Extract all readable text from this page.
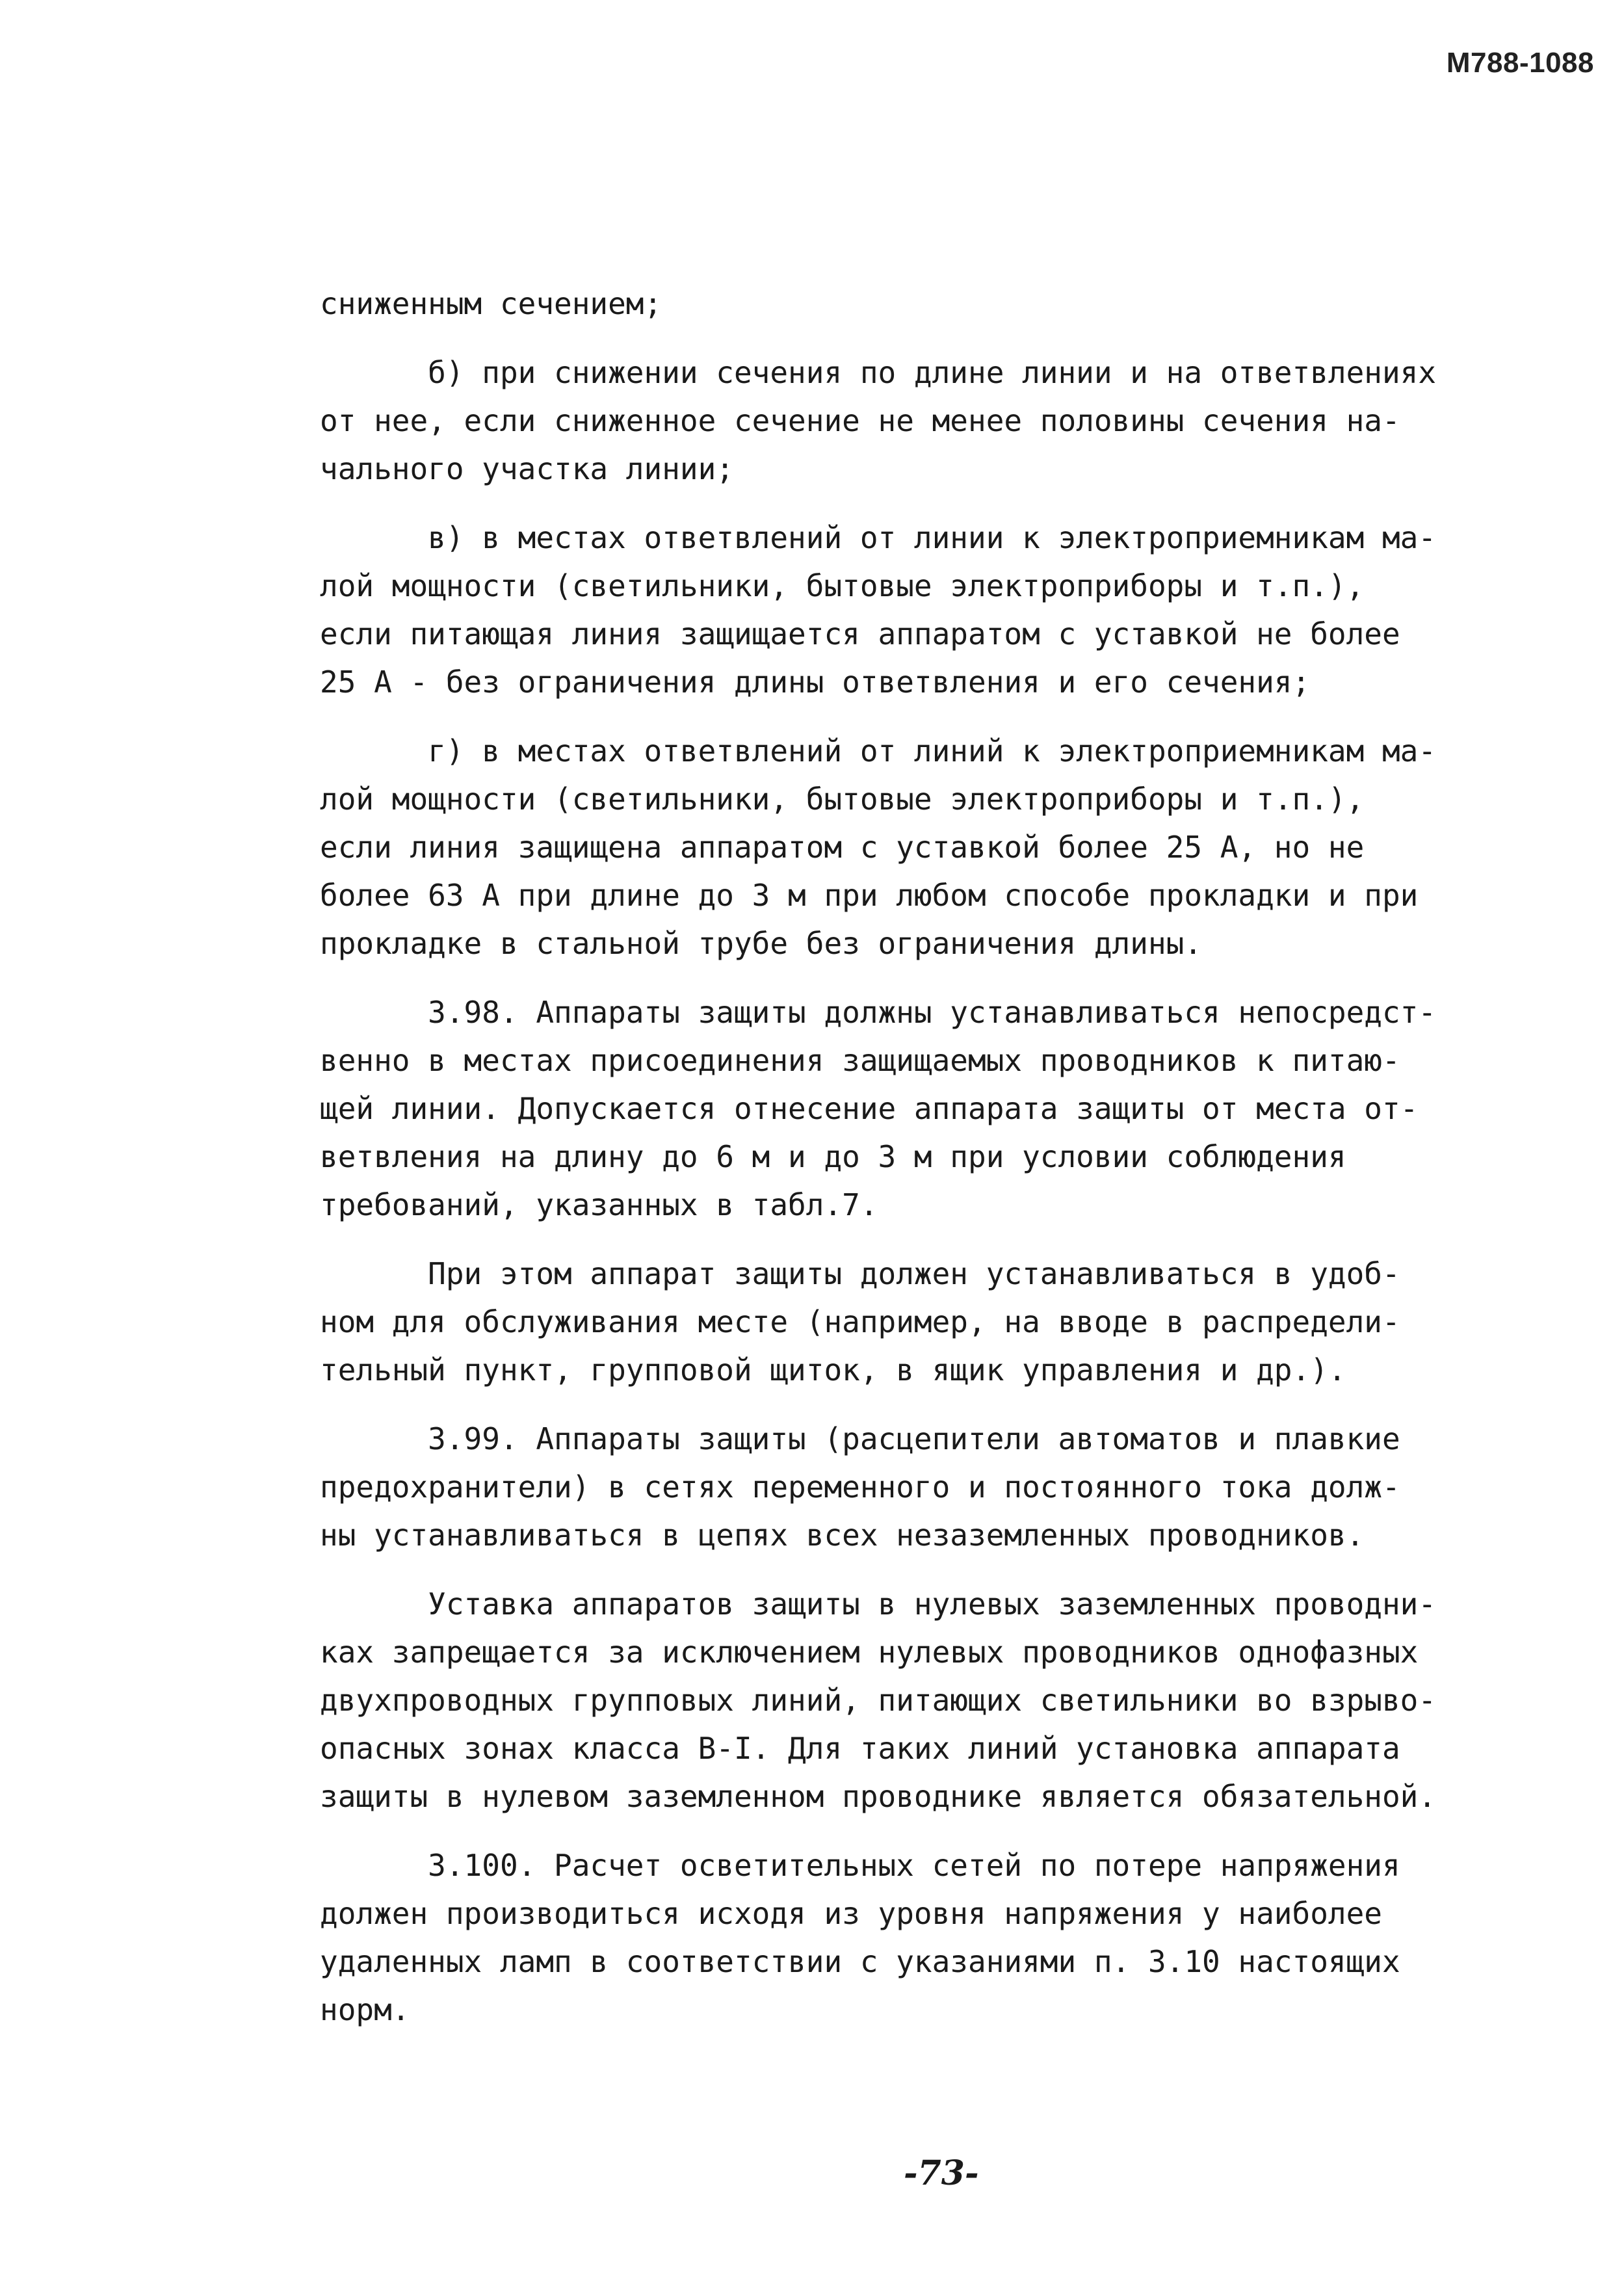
М788-1088
сниженным сечением;
б) при снижении сечения по длине линии и на ответвлениях
от нее, если сниженное сечение не менее половины сечения на-
чального участка линии;
в) в местах ответвлений от линии к электроприемникам ма-
лой мощности (светильники, бытовые электроприборы и т.п.),
если питающая линия защищается аппаратом с уставкой не более
25 А - без ограничения длины ответвления и его сечения;
г) в местах ответвлений от линий к электроприемникам ма-
лой мощности (светильники, бытовые электроприборы и т.п.),
если линия защищена аппаратом с уставкой более 25 А, но не
более 63 А при длине до 3 м при любом способе прокладки и при
прокладке в стальной трубе без ограничения длины.
3.98. Аппараты защиты должны устанавливаться непосредст-
венно в местах присоединения защищаемых проводников к питаю-
щей линии. Допускается отнесение аппарата защиты от места от-
ветвления на длину до 6 м и до 3 м при условии соблюдения
требований, указанных в табл.7.
При этом аппарат защиты должен устанавливаться в удоб-
ном для обслуживания месте (например, на вводе в распредели-
тельный пункт, групповой щиток, в ящик управления и др.).
3.99. Аппараты защиты (расцепители автоматов и плавкие
предохранители) в сетях переменного и постоянного тока долж-
ны устанавливаться в цепях всех незаземленных проводников.
Уставка аппаратов защиты в нулевых заземленных проводни-
ках запрещается за исключением нулевых проводников однофазных
двухпроводных групповых линий, питающих светильники во взрыво-
опасных зонах класса В-I. Для таких линий установка аппарата
защиты в нулевом заземленном проводнике является обязательной.
3.100. Расчет осветительных сетей по потере напряжения
должен производиться исходя из уровня напряжения у наиболее
удаленных ламп в соответствии с указаниями п. 3.10 настоящих
норм.
-73-
